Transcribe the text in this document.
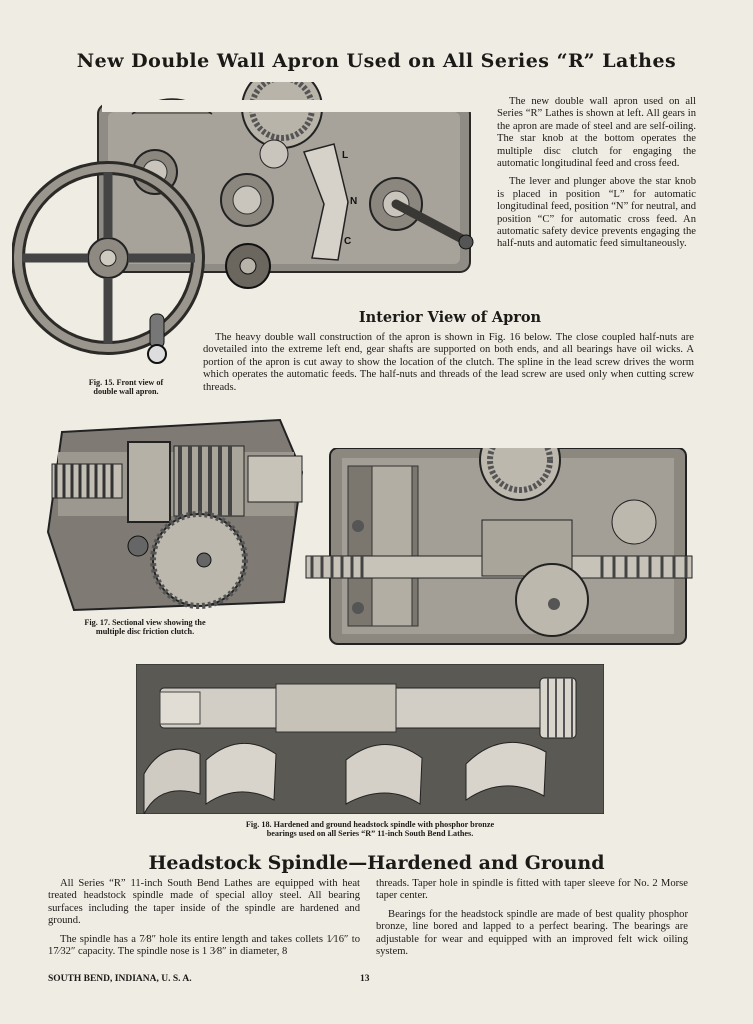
New Double Wall Apron Used on All Series “R” Lathes
L
N
C

The new double wall apron used on all Series “R” Lathes is shown at left. All gears in the apron are made of steel and are self-oiling. The star knob at the bottom operates the multiple disc clutch for engaging the automatic longitudinal feed and cross feed.

The lever and plunger above the star knob is placed in position “L” for automatic longitudinal feed, position “N” for neutral, and position “C” for automatic cross feed. An automatic safety device prevents engaging the half-nuts and automatic feed simultaneously.

Interior View of Apron

The heavy double wall construction of the apron is shown in Fig. 16 below. The close coupled half-nuts are dovetailed into the extreme left end, gear shafts are supported on both ends, and all bearings have oil wicks. A portion of the apron is cut away to show the location of the clutch. The spline in the lead screw drives the worm which operates the automatic feeds. The half-nuts and threads of the lead screw are used only when cutting screw threads.

Fig. 15. Front view of
double wall apron.
Fig. 17. Sectional view showing the
multiple disc friction clutch.
Fig. 18. Hardened and ground headstock spindle with phosphor bronze
bearings used on all Series “R” 11-inch South Bend Lathes.
Headstock Spindle—Hardened and Ground

All Series “R” 11-inch South Bend Lathes are equipped with heat treated headstock spindle made of special alloy steel. All bearing surfaces including the taper inside of the spindle are hardened and ground.

The spindle has a 7⁄8″ hole its entire length and takes collets 1⁄16″ to 17⁄32″ capacity. The spindle nose is 1 3⁄8″ in diameter, 8

threads. Taper hole in spindle is fitted with taper sleeve for No. 2 Morse taper center.

Bearings for the headstock spindle are made of best quality phosphor bronze, line bored and lapped to a perfect bearing. The bearings are adjustable for wear and equipped with an improved felt wick oiling system.

SOUTH BEND, INDIANA, U. S. A.	13
